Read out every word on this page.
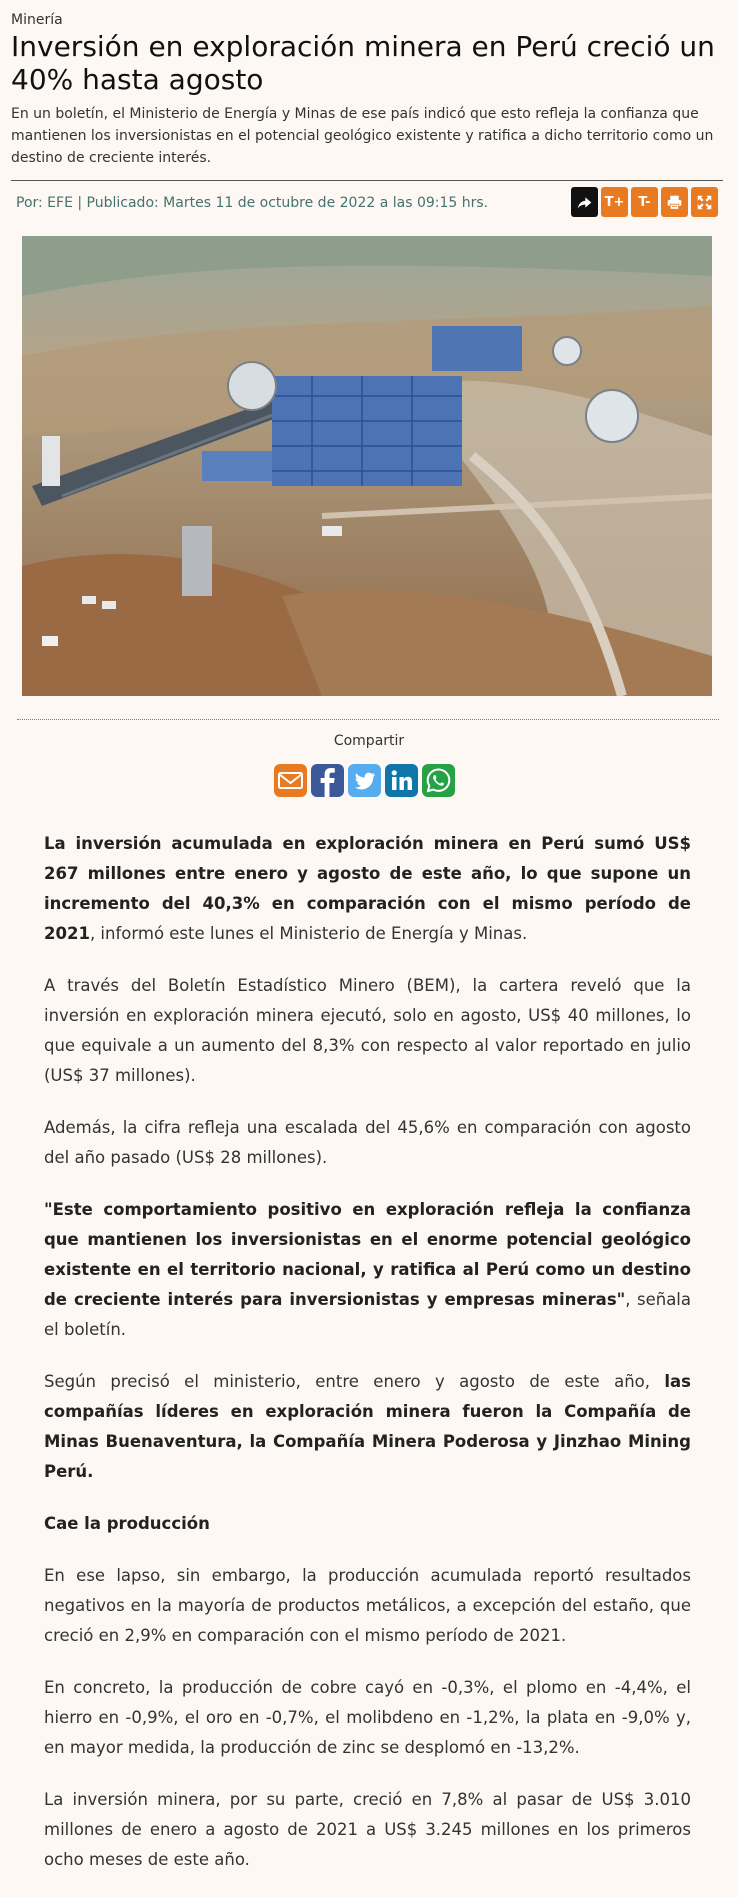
Minería
Inversión en exploración minera en Perú creció un 40% hasta agosto

En un boletín, el Ministerio de Energía y Minas de ese país indicó que esto refleja la confianza que mantienen los inversionistas en el potencial geológico existente y ratifica a dicho territorio como un destino de creciente interés.

Por: EFE | Publicado: Martes 11 de octubre de 2022 a las 09:15 hrs.	T+	T-
Compartir

La inversión acumulada en exploración minera en Perú sumó US$ 267 millones entre enero y agosto de este año, lo que supone un incremento del 40,3% en comparación con el mismo período de 2021, informó este lunes el Ministerio de Energía y Minas.

A través del Boletín Estadístico Minero (BEM), la cartera reveló que la inversión en exploración minera ejecutó, solo en agosto, US$ 40 millones, lo que equivale a un aumento del 8,3% con respecto al valor reportado en julio (US$ 37 millones).

Además, la cifra refleja una escalada del 45,6% en comparación con agosto del año pasado (US$ 28 millones).

"Este comportamiento positivo en exploración refleja la confianza que mantienen los inversionistas en el enorme potencial geológico existente en el territorio nacional, y ratifica al Perú como un destino de creciente interés para inversionistas y empresas mineras", señala el boletín.

Según precisó el ministerio, entre enero y agosto de este año, las compañías líderes en exploración minera fueron la Compañía de Minas Buenaventura, la Compañía Minera Poderosa y Jinzhao Mining Perú.

Cae la producción

En ese lapso, sin embargo, la producción acumulada reportó resultados negativos en la mayoría de productos metálicos, a excepción del estaño, que creció en 2,9% en comparación con el mismo período de 2021.

En concreto, la producción de cobre cayó en -0,3%, el plomo en -4,4%, el hierro en -0,9%, el oro en -0,7%, el molibdeno en -1,2%, la plata en -9,0% y, en mayor medida, la producción de zinc se desplomó en -13,2%.

La inversión minera, por su parte, creció en 7,8% al pasar de US$ 3.010 millones de enero a agosto de 2021 a US$ 3.245 millones en los primeros ocho meses de este año.
